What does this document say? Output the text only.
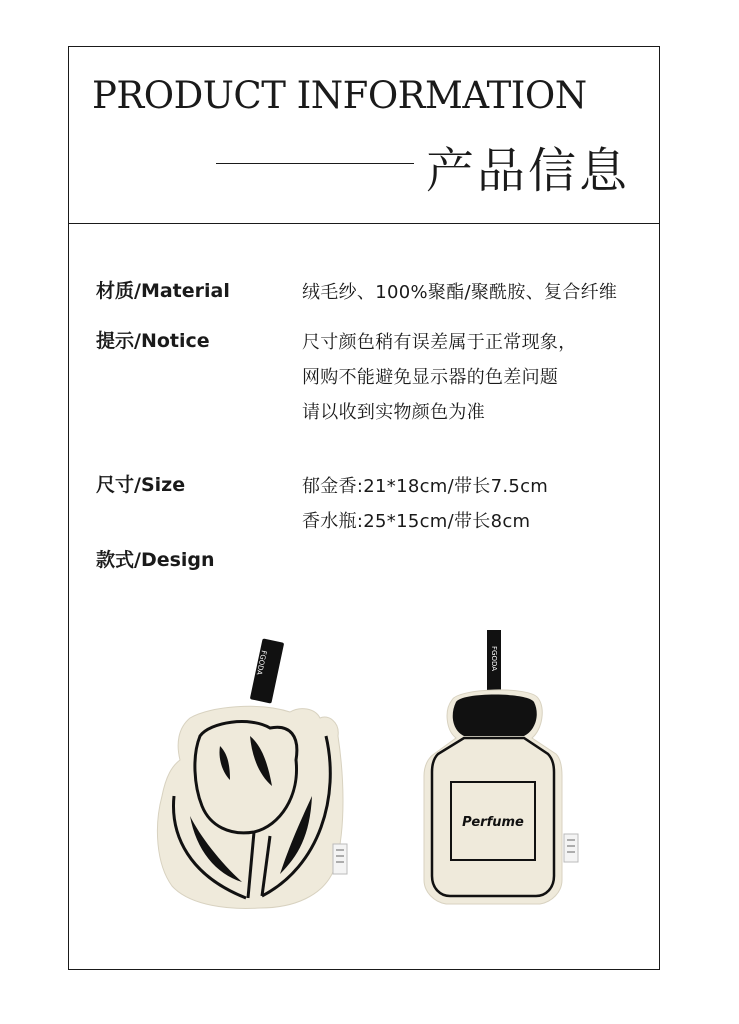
PRODUCT INFORMATION
产品信息
材质/Material	绒毛纱、100%聚酯/聚酰胺、复合纤维
提示/Notice	尺寸颜色稍有误差属于正常现象，
网购不能避免显示器的色差问题
请以收到实物颜色为准
尺寸/Size	郁金香:21*18cm/带长7.5cm
香水瓶:25*15cm/带长8cm
款式/Design
FGODA	FGODA
Perfume
